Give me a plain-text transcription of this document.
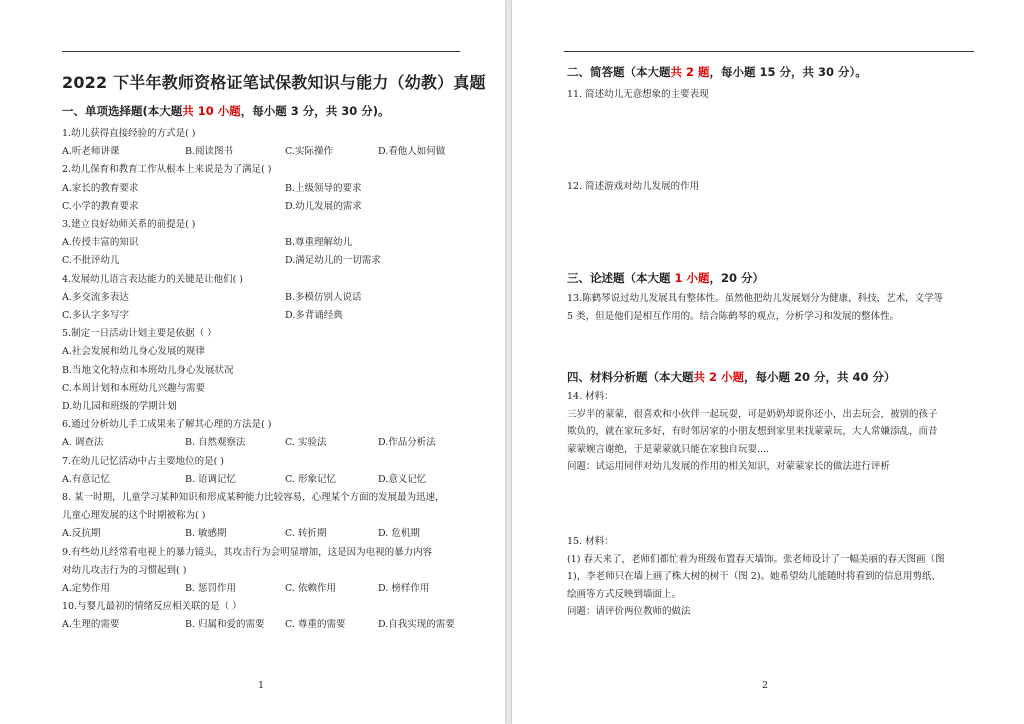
2022 下半年教师资格证笔试保教知识与能力（幼教）真题
一、单项选择题(本大题共 10 小题，每小题 3 分，共 30 分)。
1.幼儿获得直接经验的方式是( )
A.听老师讲课	B.阅读图书	C.实际操作	D.看他人如何做
2.幼儿保育和教育工作从根本上来说是为了满足( )
A.家长的教育要求	B.上级领导的要求
C.小学的教育要求	D.幼儿发展的需求
3.建立良好幼师关系的前提是( )
A.传授丰富的知识	B.尊重理解幼儿
C.不批评幼儿	D.满足幼儿的一切需求
4.发展幼儿语言表达能力的关键是让他们( )
A.多交流多表达	B.多模仿别人说话
C.多认字多写字	D.多背诵经典
5.制定一日活动计划主要是依据（ ）
A.社会发展和幼儿身心发展的规律
B.当地文化特点和本班幼儿身心发展状况
C.本周计划和本班幼儿兴趣与需要
D.幼儿园和班级的学期计划
6.通过分析幼儿手工成果来了解其心理的方法是( )
A. 调查法	B. 自然观察法	C. 实验法	D.作品分析法
7.在幼儿记忆活动中占主要地位的是( )
A.有意记忆	B. 语调记忆	C. 形象记忆	D.意义记忆
8. 某一时期，儿童学习某种知识和形成某种能力比较容易，心理某个方面的发展最为迅速，
儿童心理发展的这个时期被称为( )
A.反抗期	B. 敏感期	C. 转折期	D. 危机期
9.有些幼儿经常看电视上的暴力镜头，其攻击行为会明显增加，这是因为电视的暴力内容
对幼儿攻击行为的习惯起到( )
A.定势作用	B. 惩罚作用	C. 依赖作用	D. 榜样作用
10.与婴儿最初的情绪反应相关联的是（ ）
A.生理的需要	B. 归属和爱的需要 C. 尊重的需要	D.自我实现的需要
1
二、简答题（本大题共 2 题，每小题 15 分，共 30 分）。
11. 简述幼儿无意想象的主要表现
12. 简述游戏对幼儿发展的作用
三、论述题（本大题 1 小题，20 分）
13.陈鹤琴说过幼儿发展具有整体性。虽然他把幼儿发展划分为健康，科技，艺术，文学等
5 类，但是他们是相互作用的。结合陈鹤琴的观点，分析学习和发展的整体性。
四、材料分析题（本大题共 2 小题，每小题 20 分，共 40 分）
14. 材料：
三岁半的蒙蒙，很喜欢和小伙伴一起玩耍，可是奶奶却说你还小，出去玩会，被别的孩子
欺负的，就在家玩多好，有时邻居家的小朋友想到家里来找蒙蒙玩，大人常嫌添乱，而昔
蒙蒙婉言谢绝，于是蒙蒙就只能在家独自玩耍....
问题：试运用同伴对幼儿发展的作用的相关知识，对蒙蒙家长的做法进行评析
15. 材料：
(1) 春天来了，老师们都忙着为班级布置春天墙饰。张老师设计了一幅美丽的春天图画（图
1)，李老师只在墙上画了株大树的树干（图 2)。她希望幼儿能随时将看到的信息用剪纸、
绘画等方式反映到墙面上。
问题：请评价两位教师的做法
2
